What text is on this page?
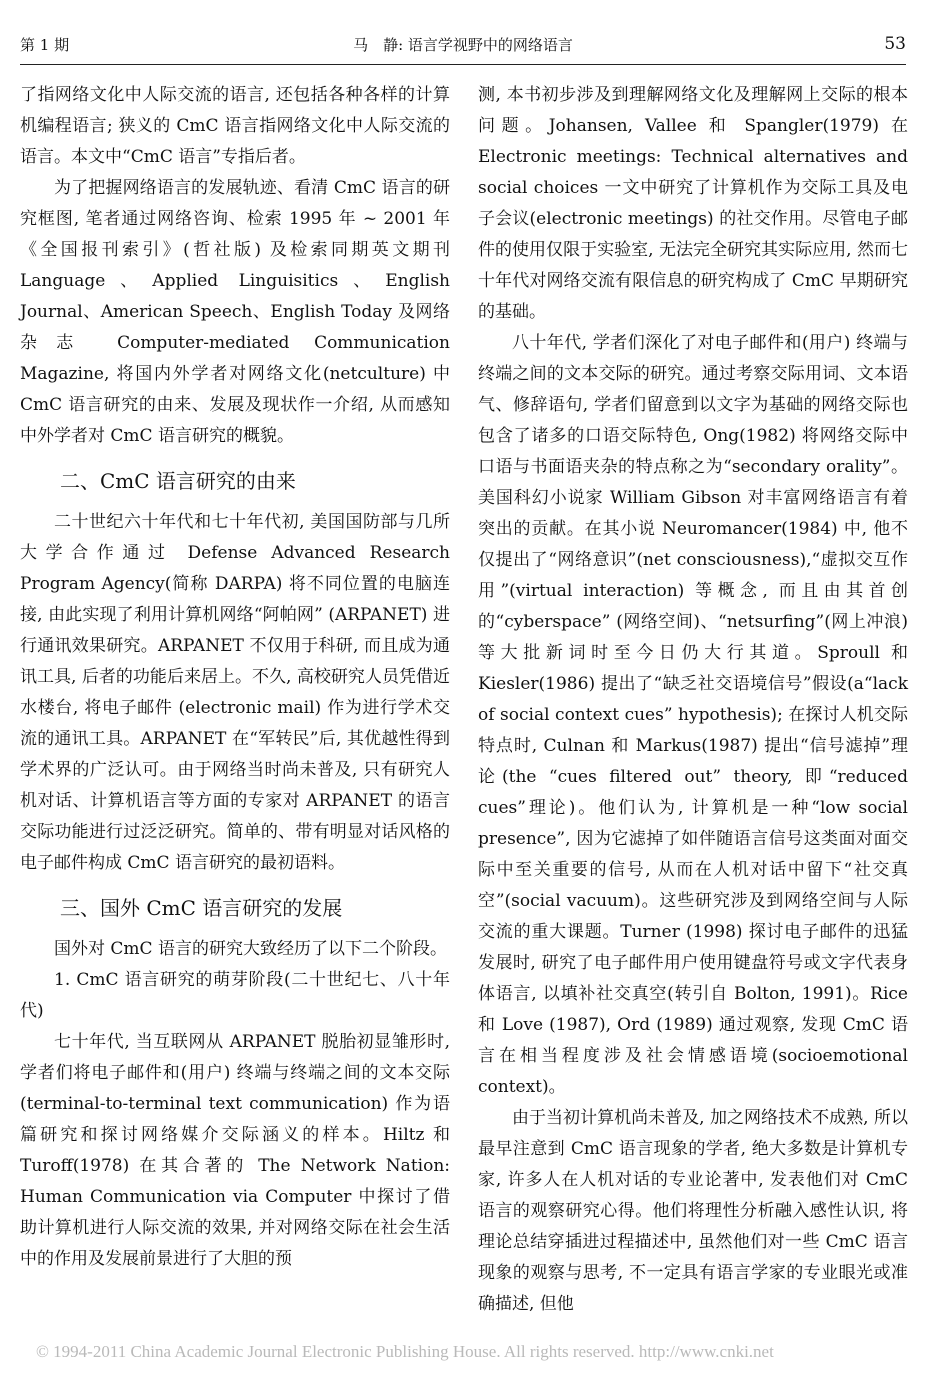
第 1 期	马　静: 语言学视野中的网络语言	53

了指网络文化中人际交流的语言, 还包括各种各样的计算机编程语言; 狭义的 CmC 语言指网络文化中人际交流的语言。本文中“CmC 语言”专指后者。

为了把握网络语言的发展轨迹、看清 CmC 语言的研究框图, 笔者通过网络咨询、检索 1995 年 ~ 2001 年《全国报刊索引》(哲社版) 及检索同期英文期刊 Language、Applied Linguisitics、English Journal、American Speech、English Today 及网络杂志 Computer-mediated Communication Magazine, 将国内外学者对网络文化(netculture) 中 CmC 语言研究的由来、发展及现状作一介绍, 从而感知中外学者对 CmC 语言研究的概貌。

二、CmC 语言研究的由来

二十世纪六十年代和七十年代初, 美国国防部与几所大学合作通过 Defense Advanced Research Program Agency(简称 DARPA) 将不同位置的电脑连接, 由此实现了利用计算机网络“阿帕网” (ARPANET) 进行通讯效果研究。ARPANET 不仅用于科研, 而且成为通讯工具, 后者的功能后来居上。不久, 高校研究人员凭借近水楼台, 将电子邮件 (electronic mail) 作为进行学术交流的通讯工具。ARPANET 在“军转民”后, 其优越性得到学术界的广泛认可。由于网络当时尚未普及, 只有研究人机对话、计算机语言等方面的专家对 ARPANET 的语言交际功能进行过泛泛研究。简单的、带有明显对话风格的电子邮件构成 CmC 语言研究的最初语料。

三、国外 CmC 语言研究的发展

国外对 CmC 语言的研究大致经历了以下二个阶段。

1. CmC 语言研究的萌芽阶段(二十世纪七、八十年代)

七十年代, 当互联网从 ARPANET 脱胎初显雏形时, 学者们将电子邮件和(用户) 终端与终端之间的文本交际 (terminal-to-terminal text communication) 作为语篇研究和探讨网络媒介交际涵义的样本。Hiltz 和 Turoff(1978) 在其合著的 The Network Nation: Human Communication via Computer 中探讨了借助计算机进行人际交流的效果, 并对网络交际在社会生活中的作用及发展前景进行了大胆的预

测, 本书初步涉及到理解网络文化及理解网上交际的根本问题。Johansen, Vallee 和 Spangler(1979) 在 Electronic meetings: Technical alternatives and social choices 一文中研究了计算机作为交际工具及电子会议(electronic meetings) 的社交作用。尽管电子邮件的使用仅限于实验室, 无法完全研究其实际应用, 然而七十年代对网络交流有限信息的研究构成了 CmC 早期研究的基础。

八十年代, 学者们深化了对电子邮件和(用户) 终端与终端之间的文本交际的研究。通过考察交际用词、文本语气、修辞语句, 学者们留意到以文字为基础的网络交际也包含了诸多的口语交际特色, Ong(1982) 将网络交际中口语与书面语夹杂的特点称之为“secondary orality”。美国科幻小说家 William Gibson 对丰富网络语言有着突出的贡献。在其小说 Neuromancer(1984) 中, 他不仅提出了“网络意识”(net consciousness),“虚拟交互作用”(virtual interaction) 等概念, 而且由其首创的“cyberspace” (网络空间)、“netsurfing”(网上冲浪) 等大批新词时至今日仍大行其道。Sproull 和 Kiesler(1986) 提出了“缺乏社交语境信号”假设(a“lack of social context cues” hypothesis); 在探讨人机交际特点时, Culnan 和 Markus(1987) 提出“信号滤掉”理论(the “cues filtered out” theory, 即“reduced cues”理论)。他们认为, 计算机是一种“low social presence”, 因为它滤掉了如伴随语言信号这类面对面交际中至关重要的信号, 从而在人机对话中留下“社交真空”(social vacuum)。这些研究涉及到网络空间与人际交流的重大课题。Turner (1998) 探讨电子邮件的迅猛发展时, 研究了电子邮件用户使用键盘符号或文字代表身体语言, 以填补社交真空(转引自 Bolton, 1991)。Rice 和 Love (1987), Ord (1989) 通过观察, 发现 CmC 语言在相当程度涉及社会情感语境(socioemotional context)。

由于当初计算机尚未普及, 加之网络技术不成熟, 所以最早注意到 CmC 语言现象的学者, 绝大多数是计算机专家, 许多人在人机对话的专业论著中, 发表他们对 CmC 语言的观察研究心得。他们将理性分析融入感性认识, 将理论总结穿插进过程描述中, 虽然他们对一些 CmC 语言现象的观察与思考, 不一定具有语言学家的专业眼光或准确描述, 但他

© 1994-2011 China Academic Journal Electronic Publishing House. All rights reserved. http://www.cnki.net
